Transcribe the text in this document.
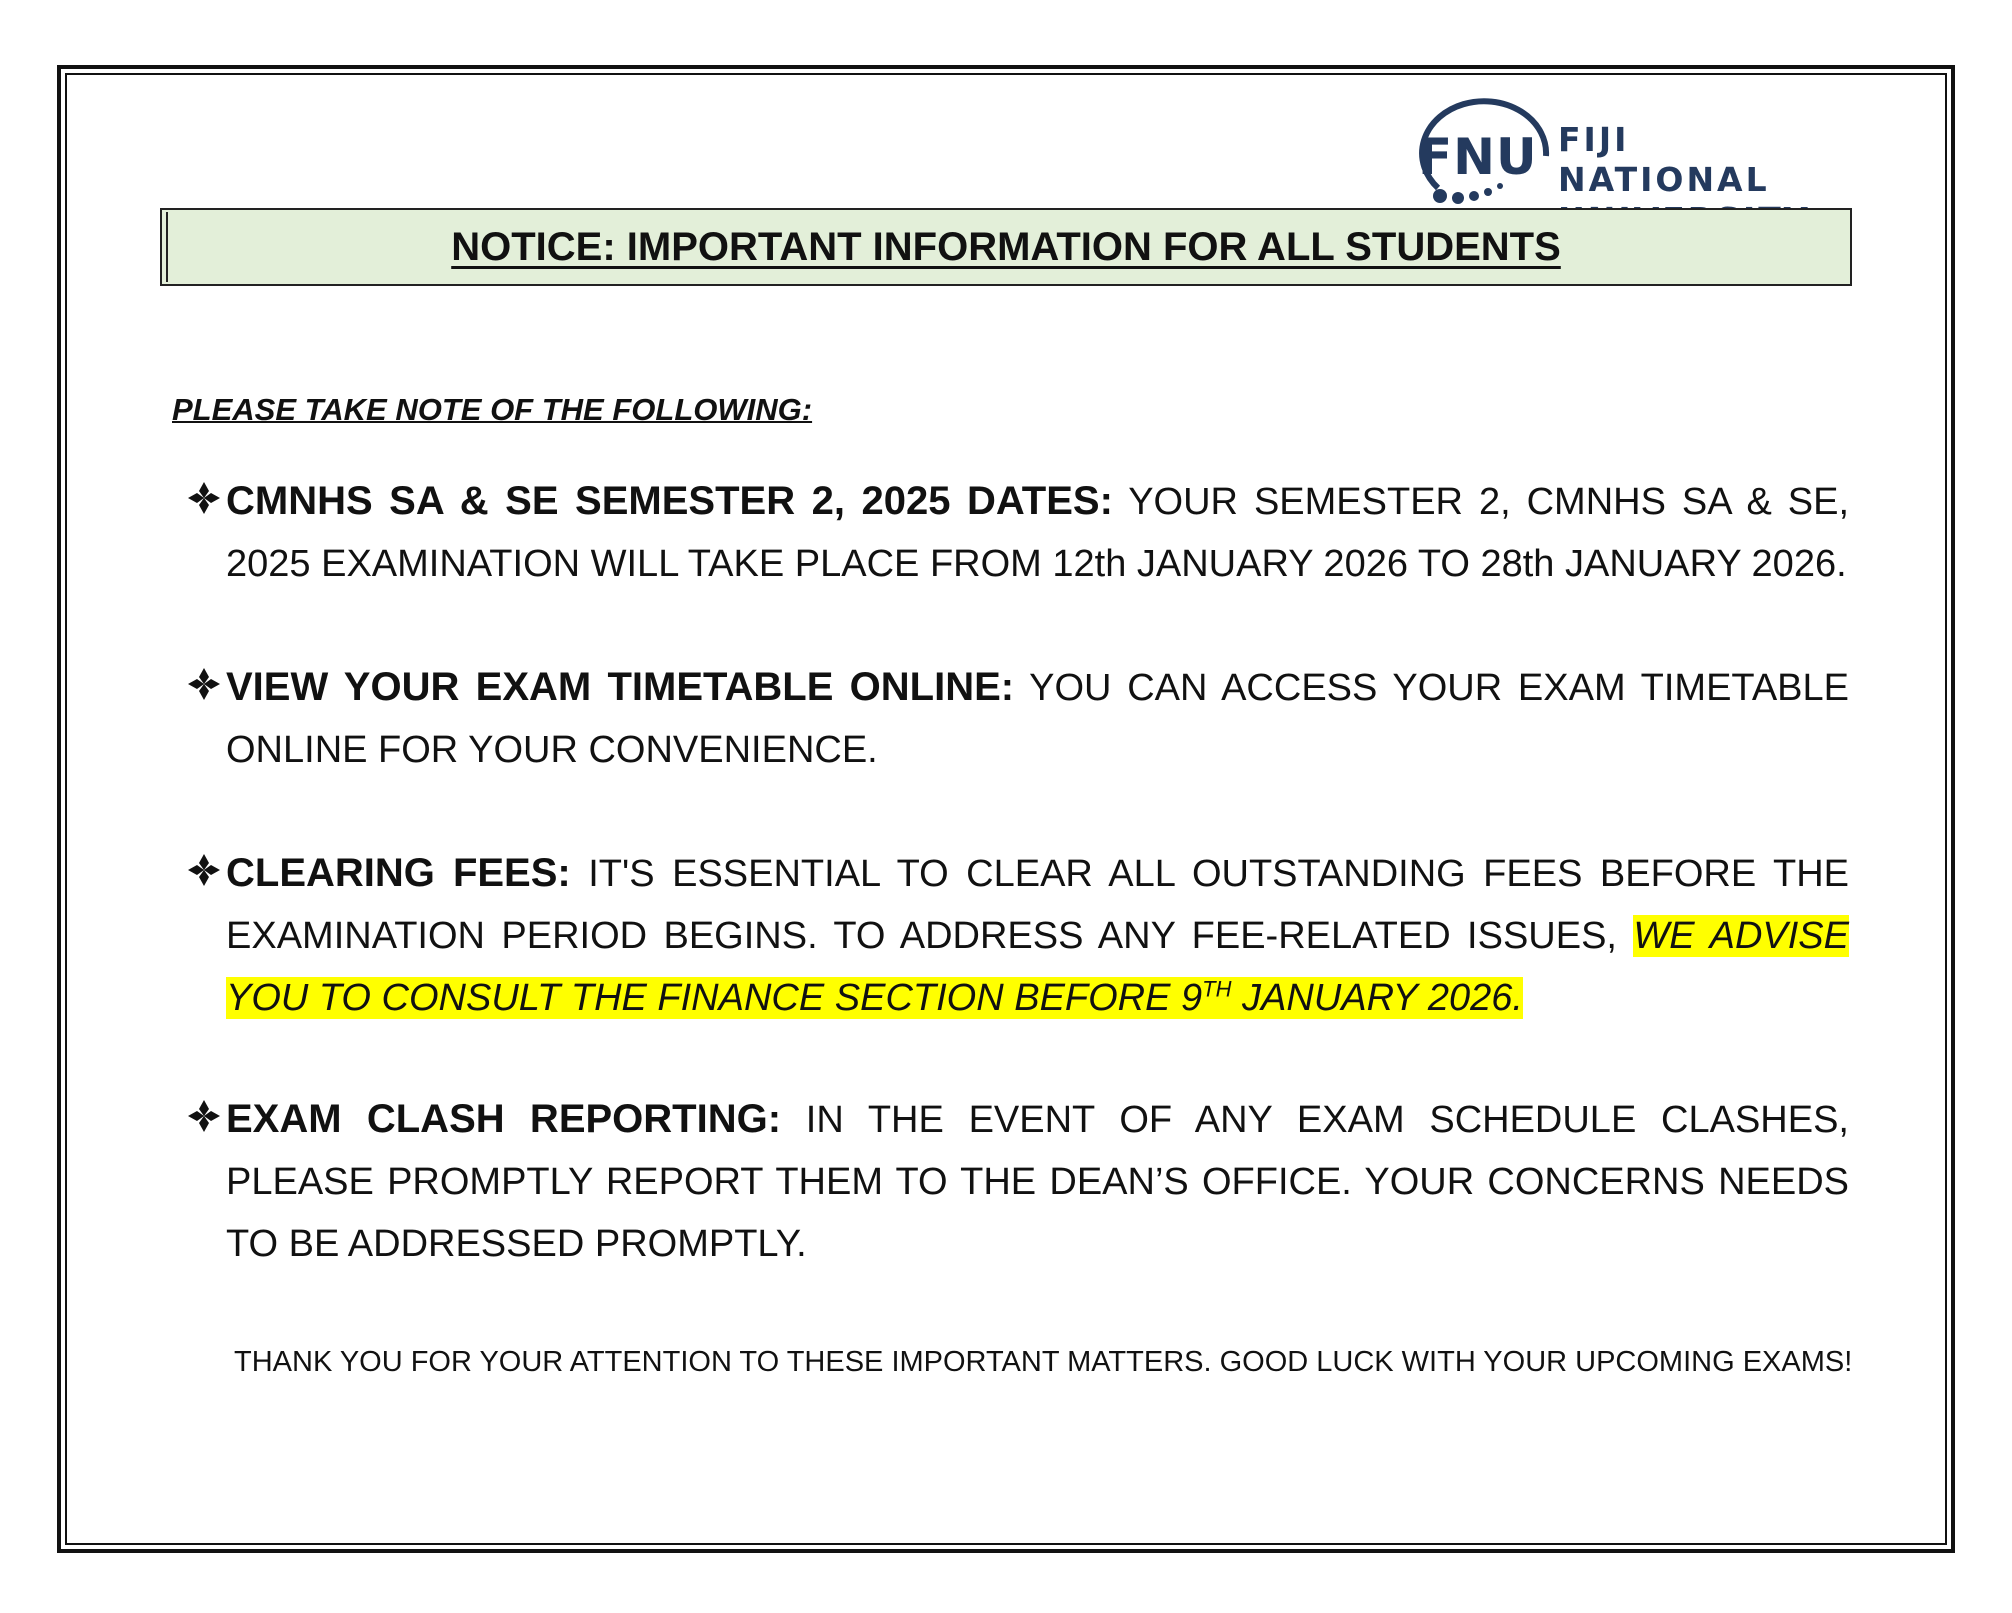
FNU FIJI NATIONAL
NOTICE: IMPORTANT INFORMATION FOR ALL STUDENTS
PLEASE TAKE NOTE OF THE FOLLOWING:
CMNHS SA & SE SEMESTER 2, 2025 DATES: YOUR SEMESTER 2, CMNHS SA & SE, 2025 EXAMINATION WILL TAKE PLACE FROM 12th JANUARY 2026 TO 28th JANUARY 2026.
VIEW YOUR EXAM TIMETABLE ONLINE: YOU CAN ACCESS YOUR EXAM TIMETABLE ONLINE FOR YOUR CONVENIENCE.
CLEARING FEES: IT'S ESSENTIAL TO CLEAR ALL OUTSTANDING FEES BEFORE THE EXAMINATION PERIOD BEGINS. TO ADDRESS ANY FEE-RELATED ISSUES, WE ADVISE YOU TO CONSULT THE FINANCE SECTION BEFORE 9TH JANUARY 2026.
EXAM CLASH REPORTING: IN THE EVENT OF ANY EXAM SCHEDULE CLASHES, PLEASE PROMPTLY REPORT THEM TO THE DEAN’S OFFICE. YOUR CONCERNS NEEDS TO BE ADDRESSED PROMPTLY.
THANK YOU FOR YOUR ATTENTION TO THESE IMPORTANT MATTERS. GOOD LUCK WITH YOUR UPCOMING EXAMS!
